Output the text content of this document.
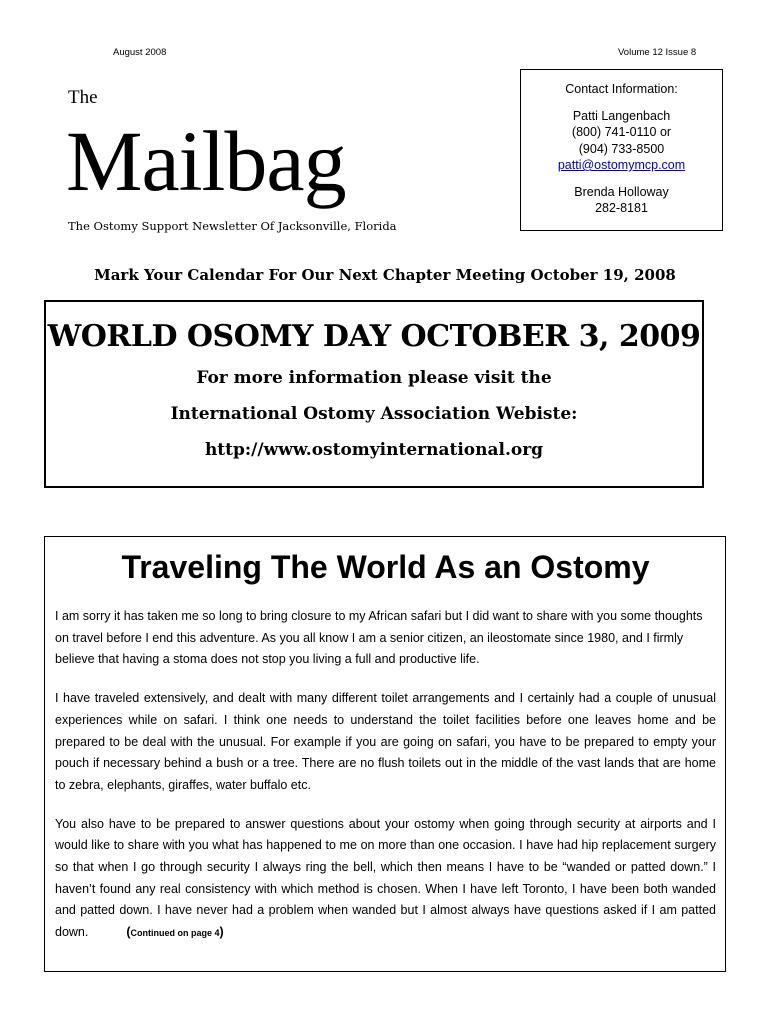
August 2008	Volume 12 Issue 8
The
Mailbag
The Ostomy Support Newsletter Of Jacksonville, Florida
Contact Information:
Patti Langenbach
(800) 741-0110 or
(904) 733-8500
patti@ostomymcp.com
Brenda Holloway
282-8181
Mark Your Calendar For Our Next Chapter Meeting October 19, 2008
WORLD OSOMY DAY OCTOBER 3, 2009
For more information please visit the
International Ostomy Association Webiste:
http://www.ostomyinternational.org
Traveling The World As an Ostomy

I am sorry it has taken me so long to bring closure to my African safari but I did want to share with you some thoughts on travel before I end this adventure. As you all know I am a senior citizen, an ileostomate since 1980, and I firmly believe that having a stoma does not stop you living a full and productive life.

I have traveled extensively, and dealt with many different toilet arrangements and I certainly had a couple of unusual experiences while on safari. I think one needs to understand the toilet facilities before one leaves home and be prepared to be deal with the unusual. For example if you are going on safari, you have to be prepared to empty your pouch if necessary behind a bush or a tree. There are no flush toilets out in the middle of the vast lands that are home to zebra, elephants, giraffes, water buffalo etc.

You also have to be prepared to answer questions about your ostomy when going through security at airports and I would like to share with you what has happened to me on more than one occasion. I have had hip replacement surgery so that when I go through security I always ring the bell, which then means I have to be “wanded or patted down.” I haven’t found any real consistency with which method is chosen. When I have left Toronto, I have been both wanded and patted down. I have never had a problem when wanded but I almost always have questions asked if I am patted down.	(Continued on page 4)
